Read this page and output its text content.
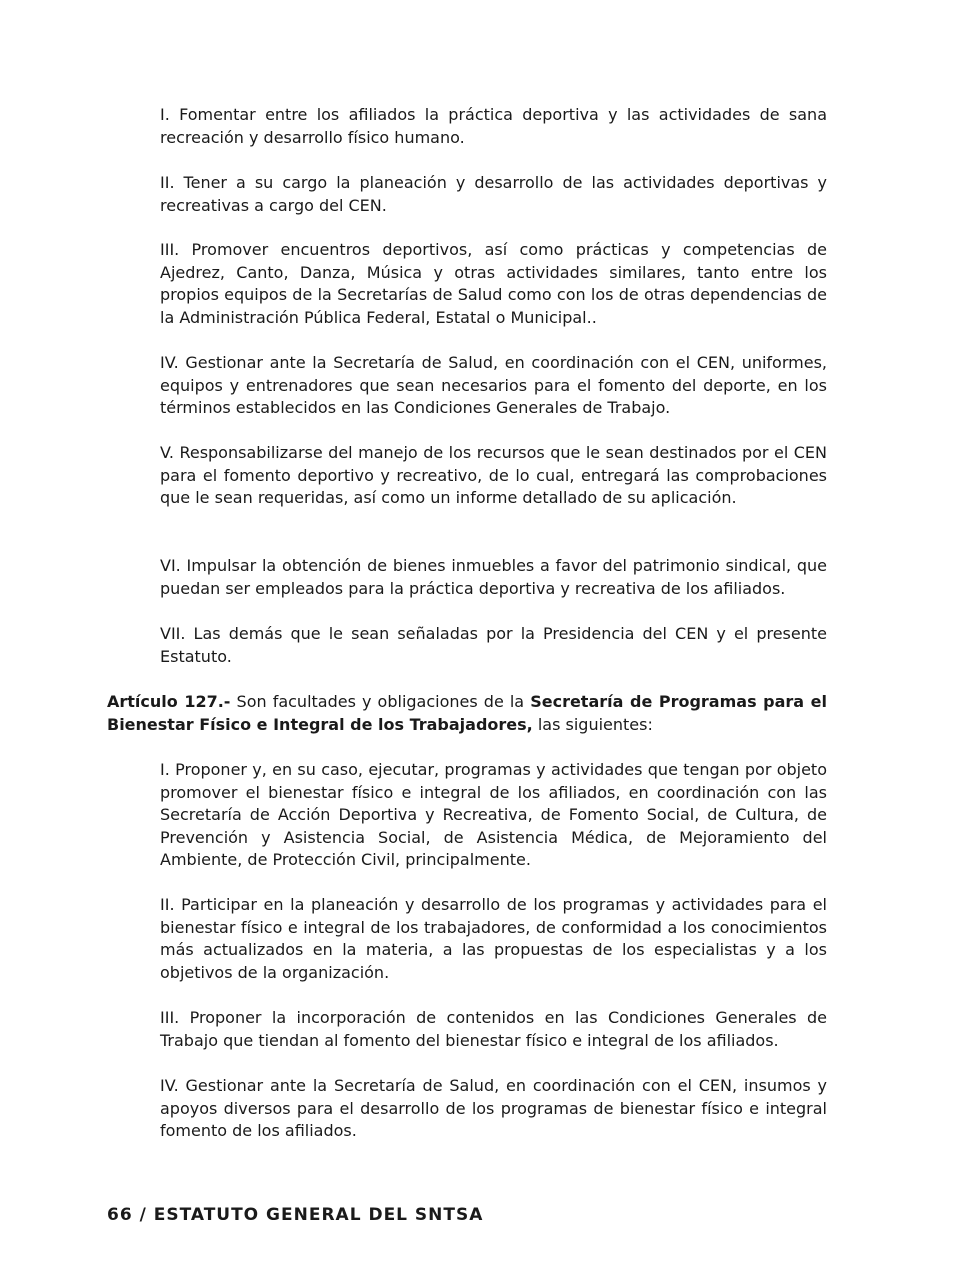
I. Fomentar entre los afiliados la práctica deportiva y las actividades de sana recreación y desarrollo físico humano.

II. Tener a su cargo la planeación y desarrollo de las actividades deportivas y recreativas a cargo del CEN.

III. Promover encuentros deportivos, así como prácticas y competencias de Ajedrez, Canto, Danza, Música y otras actividades similares, tanto entre los propios equipos de la Secretarías de Salud como con los de otras dependencias de la Administración Pública Federal, Estatal o Municipal..

IV. Gestionar ante la Secretaría de Salud, en coordinación con el CEN, uniformes, equipos y entrenadores que sean necesarios para el fomento del deporte, en los términos establecidos en las Condiciones Generales de Trabajo.

V. Responsabilizarse del manejo de los recursos que le sean destinados por el CEN para el fomento deportivo y recreativo, de lo cual, entregará las comprobaciones que le sean requeridas, así como un informe detallado de su aplicación.

VI. Impulsar la obtención de bienes inmuebles a favor del patrimonio sindical, que puedan ser empleados para la práctica deportiva y recreativa de los afiliados.

VII. Las demás que le sean señaladas por la Presidencia del CEN y el presente Estatuto.

Artículo 127.- Son facultades y obligaciones de la Secretaría de Programas para el Bienestar Físico e Integral de los Trabajadores, las siguientes:

I. Proponer y, en su caso, ejecutar, programas y actividades que tengan por objeto promover el bienestar físico e integral de los afiliados, en coordinación con las Secretaría de Acción Deportiva y Recreativa, de Fomento Social, de Cultura, de Prevención y Asistencia Social, de Asistencia Médica, de Mejoramiento del Ambiente, de Protección Civil, principalmente.

II. Participar en la planeación y desarrollo de los programas y actividades para el bienestar físico e integral de los trabajadores, de conformidad a los conocimientos más actualizados en la materia, a las propuestas de los especialistas y a los objetivos de la organización.

III. Proponer la incorporación de contenidos en las Condiciones Generales de Trabajo que tiendan al fomento del bienestar físico e integral de los afiliados.

IV. Gestionar ante la Secretaría de Salud, en coordinación con el CEN, insumos y apoyos diversos para el desarrollo de los programas de bienestar físico e integral fomento de los afiliados.

66 / ESTATUTO GENERAL DEL SNTSA
